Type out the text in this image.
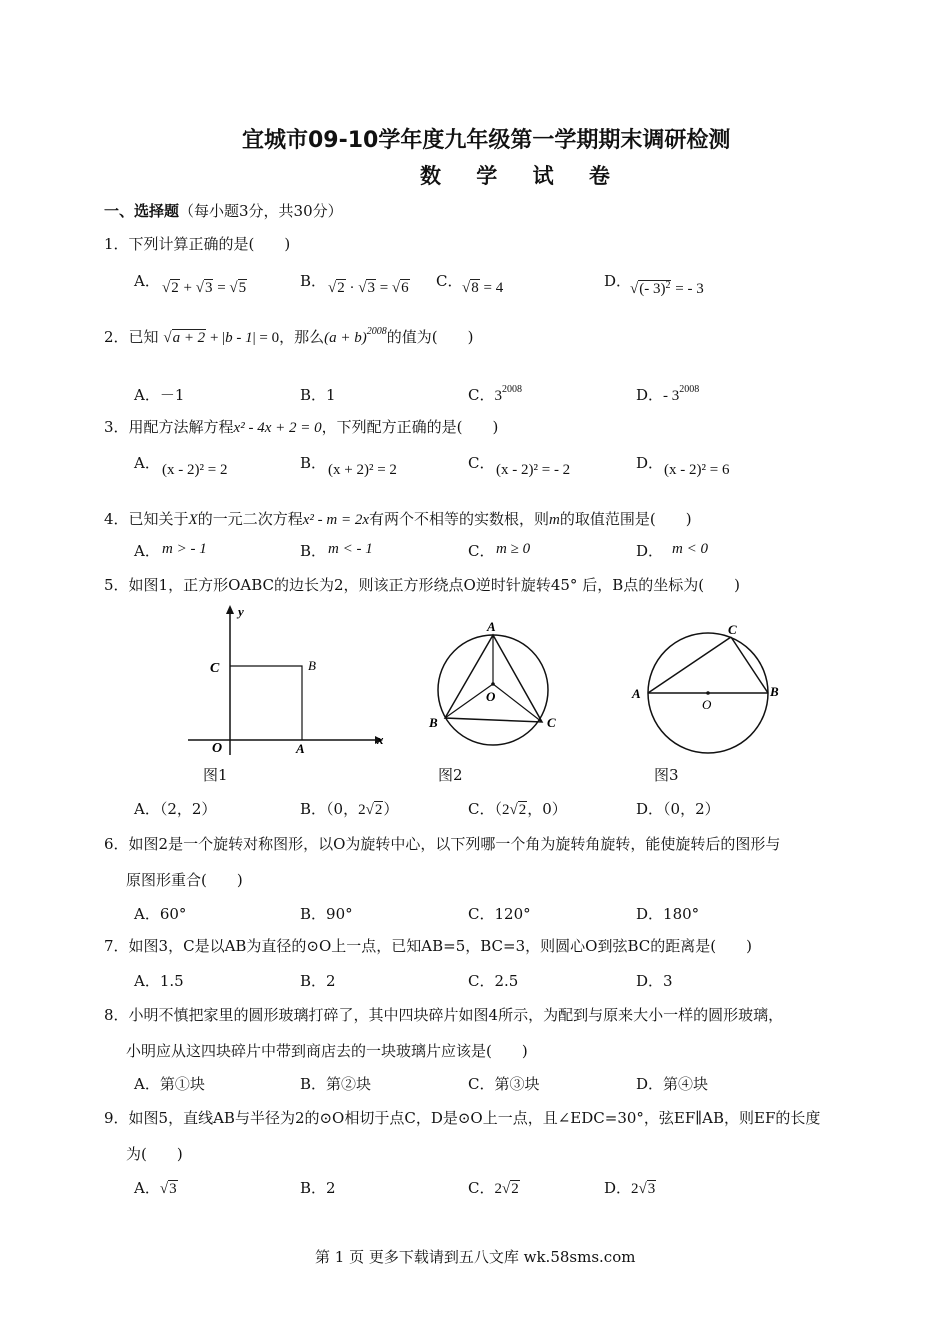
宜城市09-10学年度九年级第一学期期末调研检测
数 学 试 卷
一、选择题（每小题3分，共30分）
1．下列计算正确的是(　　)
A． √2 + √3 = √5	B． √2 · √3 = √6 C． √8 = 4	D．
√(- 3)$^2$ = - 3
2．已知 √a + 2 + |b - 1| = 0，那么$(a + b)^{2008}$的值为(　　)
A．－1	B．1	C．$3^{2008}$	D．- $3^{2008}$
3．用配方法解方程x² - 4x + 2 = 0，下列配方正确的是(　　)
A． (x - 2)² = 2	B． (x + 2)² = 2	C． (x - 2)² = - 2	D． (x - 2)² = 6
4．已知关于X的一元二次方程x² - m = 2x有两个不相等的实数根，则m的取值范围是(　　)
A． m > - 1	B． m < - 1	C． m ≥ 0	D． m < 0
5．如图1，正方形OABC的边长为2，则该正方形绕点O逆时针旋转45° 后，B点的坐标为(　　)
y
x
C	B
O	A
图1
A
B	C
O
图2
A	B
C
O
图3
A．（2，2）	B．（0，2√2）	C．（2√2，0）	D．（0，2）
6．如图2是一个旋转对称图形，以O为旋转中心，以下列哪一个角为旋转角旋转，能使旋转后的图形与
原图形重合(　　)
A．60°	B．90°	C．120°	D．180°
7．如图3，C是以AB为直径的⊙O上一点，已知AB=5，BC=3，则圆心O到弦BC的距离是(　　)
A．1.5	B．2	C．2.5	D．3
8．小明不慎把家里的圆形玻璃打碎了，其中四块碎片如图4所示，为配到与原来大小一样的圆形玻璃，
小明应从这四块碎片中带到商店去的一块玻璃片应该是(　　)
A．第①块	B．第②块	C．第③块	D．第④块
9．如图5，直线AB与半径为2的⊙O相切于点C，D是⊙O上一点，且∠EDC=30°，弦EF∥AB，则EF的长度
为(　　)
A．√3	B．2	C．2√2	D．2√3
第 1 页 更多下载请到五八文库 wk.58sms.com
